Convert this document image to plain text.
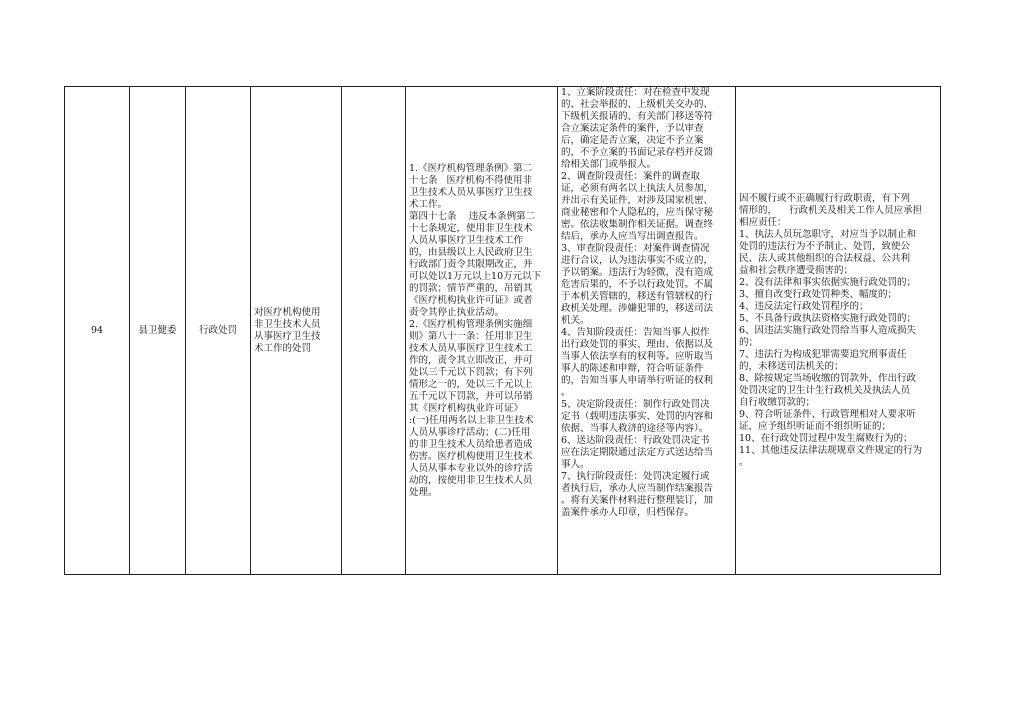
94	县卫健委 行政处罚
对医疗机构使用
非卫生技术人员
从事医疗卫生技
术工作的处罚
1.《医疗机构管理条例》第二
十七条   医疗机构不得使用非
卫生技术人员从事医疗卫生技
术工作。
第四十七条    违反本条例第二
十七条规定，使用非卫生技术
人员从事医疗卫生技术工作
的，由县级以上人民政府卫生
行政部门责令其限期改正，并
可以处以1万元以上10万元以下
的罚款；情节严重的，吊销其
《医疗机构执业许可证》或者
责令其停止执业活动。
2.《医疗机构管理条例实施细
则》第八十一条：任用非卫生
技术人员从事医疗卫生技术工
作的，责令其立即改正，并可
处以三千元以下罚款；有下列
情形之一的，处以三千元以上
五千元以下罚款，并可以吊销
其《医疗机构执业许可证》
:(一)任用两名以上非卫生技术
人员从事诊疗活动；(二)任用
的非卫生技术人员给患者造成
伤害。医疗机构使用卫生技术
人员从事本专业以外的诊疗活
动的，按使用非卫生技术人员
处理。
1、立案阶段责任：对在检查中发现
的、社会举报的、上级机关交办的、
下级机关报请的、有关部门移送等符
合立案法定条件的案件，予以审查
后，确定是否立案，决定不予立案
的，不予立案的书面记录存档并反馈
给相关部门或举报人。
2、调查阶段责任：案件的调查取
证，必须有两名以上执法人员参加，
并出示有关证件，对涉及国家机密、
商业秘密和个人隐私的，应当保守秘
密。依法收集制作相关证据。调查终
结后，承办人应当写出调查报告。
3、审查阶段责任：对案件调查情况
进行合议，认为违法事实不成立的，
予以销案。违法行为轻微，没有造成
危害后果的，不予以行政处罚。不属
于本机关管辖的，移送有管辖权的行
政机关处理。涉嫌犯罪的，移送司法
机关。
4、告知阶段责任：告知当事人拟作
出行政处罚的事实、理由、依据以及
当事人依法享有的权利等。应听取当
事人的陈述和申辩，符合听证条件
的，告知当事人申请举行听证的权利
。
5、决定阶段责任：制作行政处罚决
定书（载明违法事实、处罚的内容和
依据、当事人救济的途径等内容）。
6、送达阶段责任：行政处罚决定书
应在法定期限通过法定方式送达给当
事人。
7、执行阶段责任：处罚决定履行或
者执行后，承办人应当制作结案报告
。将有关案件材料进行整理装订，加
盖案件承办人印章，归档保存。
因不履行或不正确履行行政职责，有下列
情形的，    行政机关及相关工作人员应承担
相应责任：
1、执法人员玩忽职守，对应当予以制止和
处罚的违法行为不予制止、处罚，致使公
民、法人或其他组织的合法权益、公共利
益和社会秩序遭受损害的；
2、没有法律和事实依据实施行政处罚的；
3、擅自改变行政处罚种类、幅度的；
4、违反法定行政处罚程序的；
5、不具备行政执法资格实施行政处罚的；
6、因违法实施行政处罚给当事人造成损失
的；
7、违法行为构成犯罪需要追究刑事责任
的，未移送司法机关的；
8、除按规定当场收缴的罚款外，作出行政
处罚决定的卫生计生行政机关及执法人员
自行收缴罚款的；
9、符合听证条件、行政管理相对人要求听
证，应予组织听证而不组织听证的；
10、在行政处罚过程中发生腐败行为的；
11、其他违反法律法规规章文件规定的行为
。
